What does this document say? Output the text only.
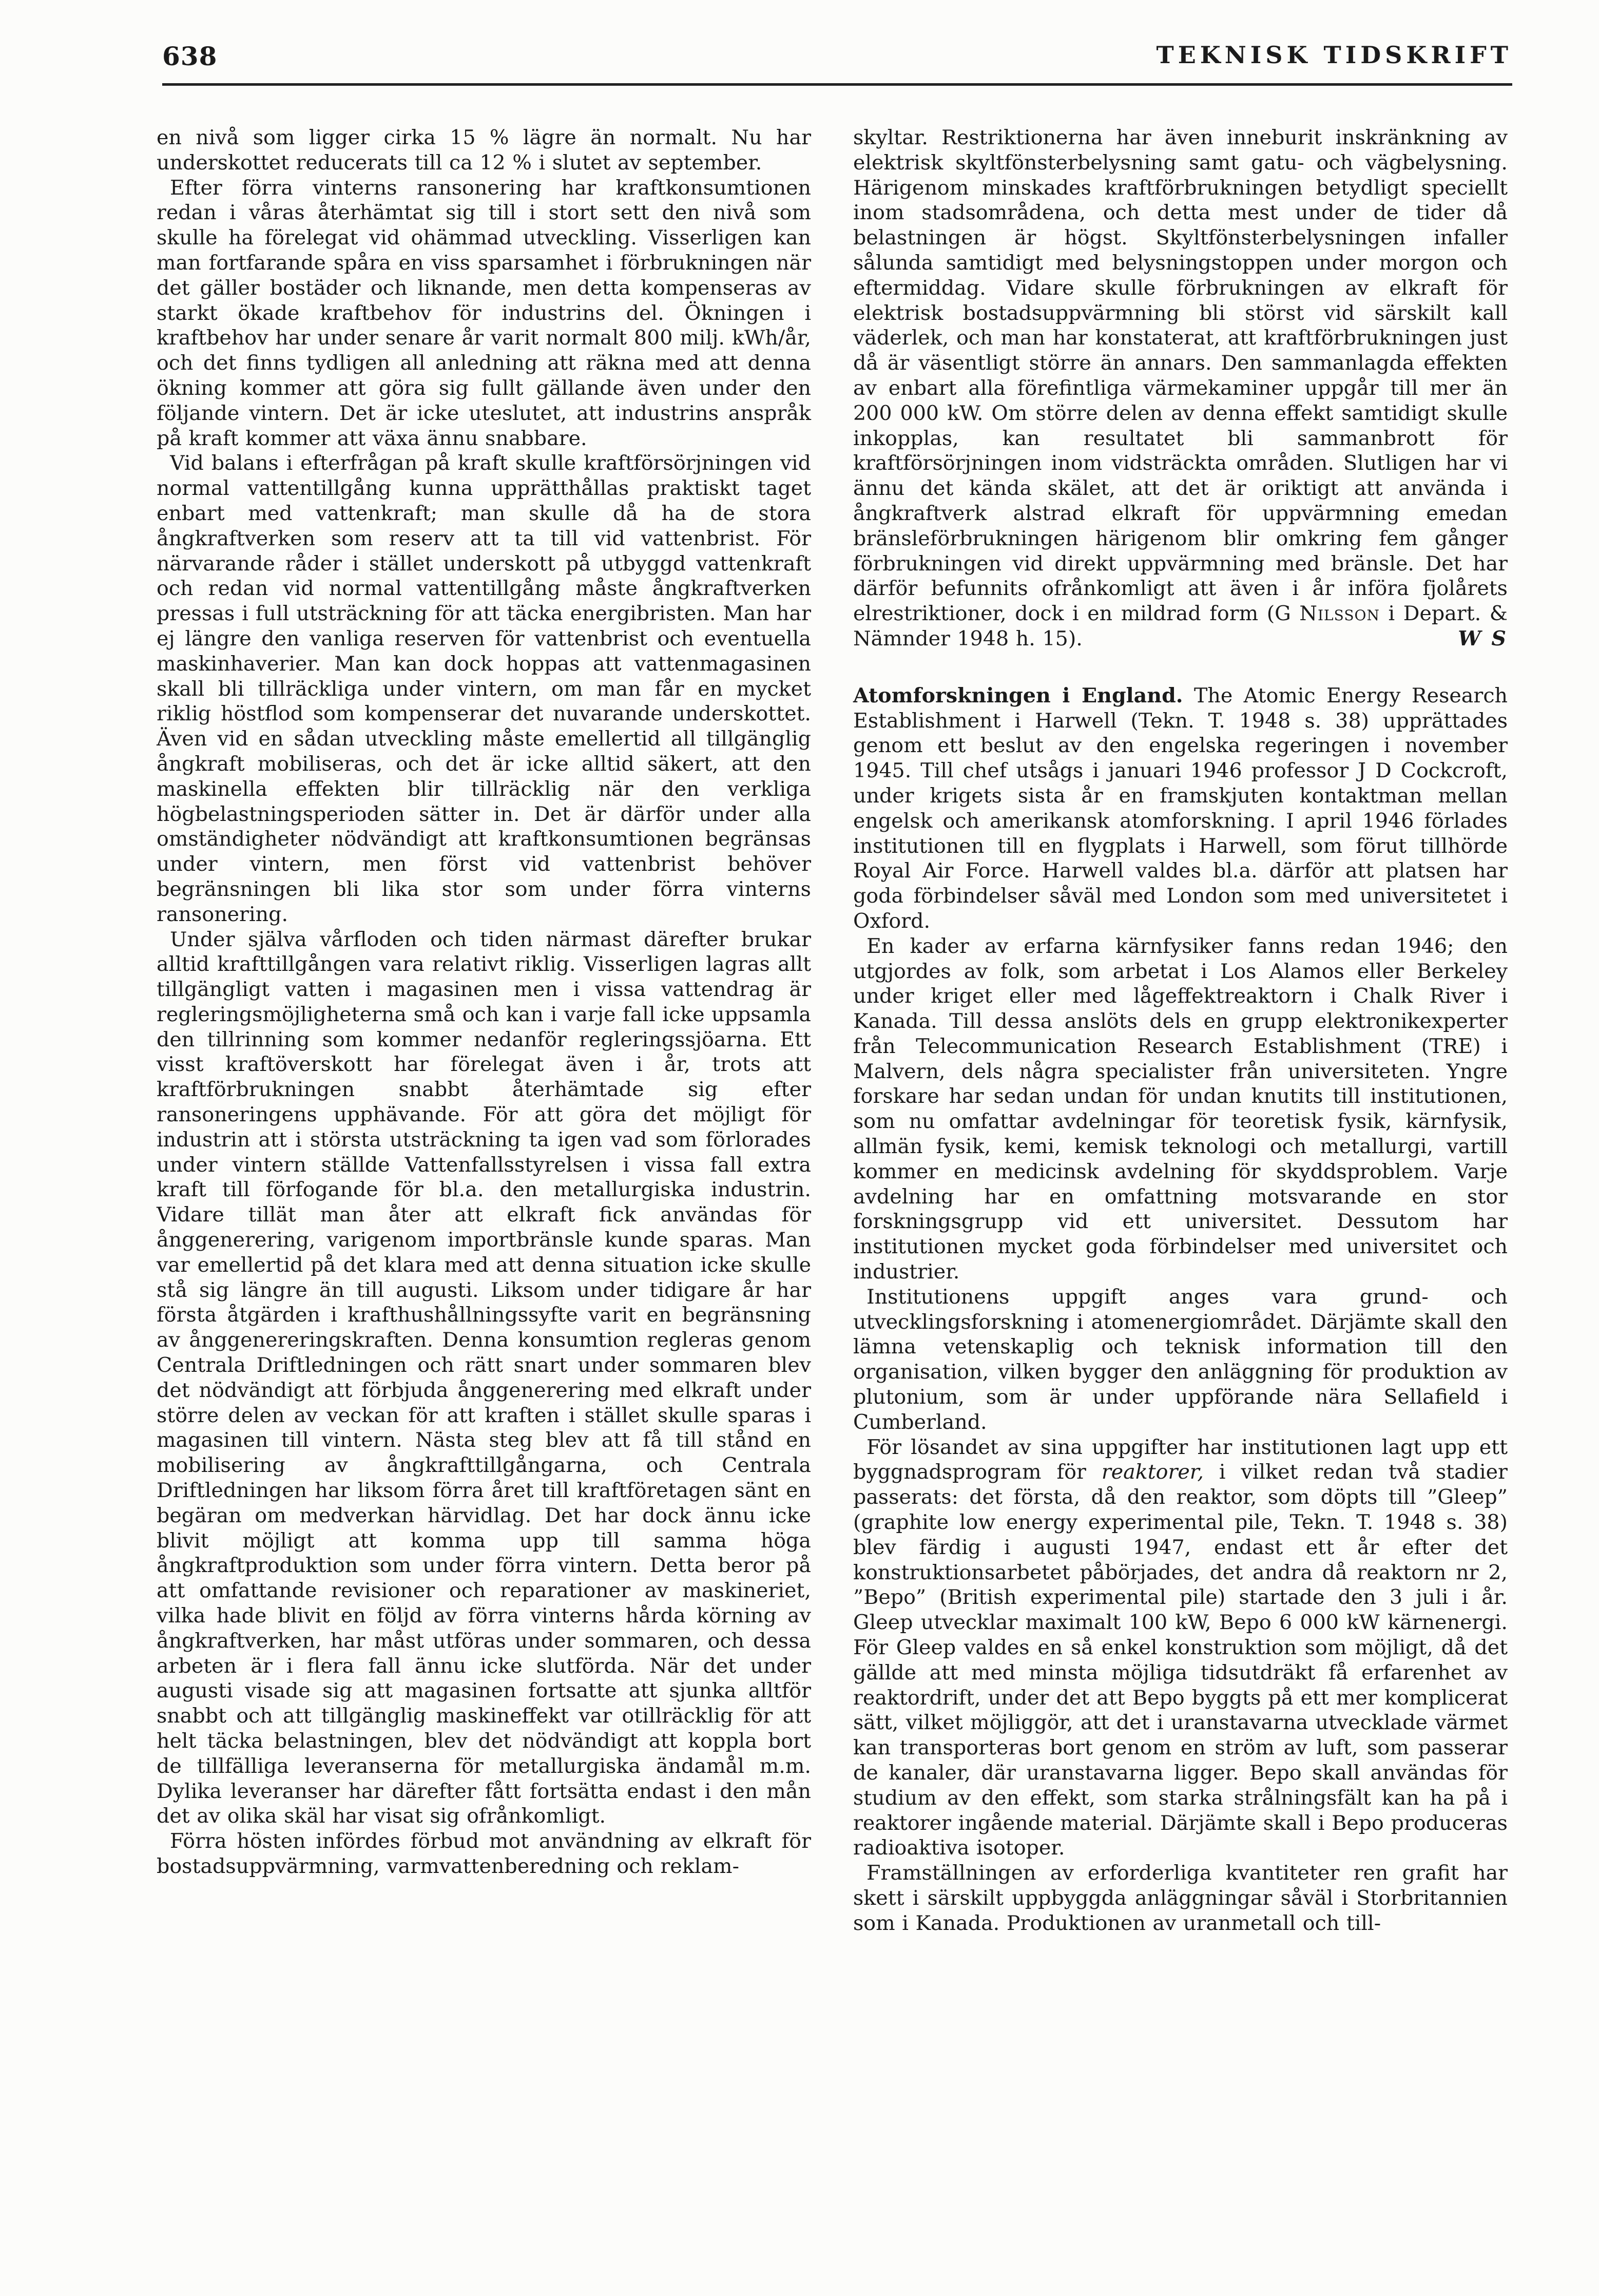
638	TEKNISK TIDSKRIFT

en nivå som ligger cirka 15 % lägre än normalt. Nu har underskottet reducerats till ca 12 % i slutet av september.

Efter förra vinterns ransonering har kraftkonsumtionen redan i våras återhämtat sig till i stort sett den nivå som skulle ha förelegat vid ohämmad utveckling. Visserligen kan man fortfarande spåra en viss sparsamhet i förbrukningen när det gäller bostäder och liknande, men detta kompenseras av starkt ökade kraftbehov för industrins del. Ökningen i kraftbehov har under senare år varit normalt 800 milj. kWh/år, och det finns tydligen all anledning att räkna med att denna ökning kommer att göra sig fullt gällande även under den följande vintern. Det är icke uteslutet, att industrins anspråk på kraft kommer att växa ännu snabbare.

Vid balans i efterfrågan på kraft skulle kraftförsörjningen vid normal vattentillgång kunna upprätthållas praktiskt taget enbart med vattenkraft; man skulle då ha de stora ångkraftverken som reserv att ta till vid vattenbrist. För närvarande råder i stället underskott på utbyggd vattenkraft och redan vid normal vattentillgång måste ångkraftverken pressas i full utsträckning för att täcka energibristen. Man har ej längre den vanliga reserven för vattenbrist och eventuella maskinhaverier. Man kan dock hoppas att vattenmagasinen skall bli tillräckliga under vintern, om man får en mycket riklig höstflod som kompenserar det nuvarande underskottet. Även vid en sådan utveckling måste emellertid all tillgänglig ångkraft mobiliseras, och det är icke alltid säkert, att den maskinella effekten blir tillräcklig när den verkliga högbelastningsperioden sätter in. Det är därför under alla omständigheter nödvändigt att kraftkonsumtionen begränsas under vintern, men först vid vattenbrist behöver begränsningen bli lika stor som under förra vinterns ransonering.

Under själva vårfloden och tiden närmast därefter brukar alltid krafttillgången vara relativt riklig. Visserligen lagras allt tillgängligt vatten i magasinen men i vissa vattendrag är regleringsmöjligheterna små och kan i varje fall icke uppsamla den tillrinning som kommer nedanför regleringssjöarna. Ett visst kraftöverskott har förelegat även i år, trots att kraftförbrukningen snabbt återhämtade sig efter ransoneringens upphävande. För att göra det möjligt för industrin att i största utsträckning ta igen vad som förlorades under vintern ställde Vattenfallsstyrelsen i vissa fall extra kraft till förfogande för bl.a. den metallurgiska industrin. Vidare tillät man åter att elkraft fick användas för ånggenerering, varigenom importbränsle kunde sparas. Man var emellertid på det klara med att denna situation icke skulle stå sig längre än till augusti. Liksom under tidigare år har första åtgärden i krafthushållningssyfte varit en begränsning av ånggenereringskraften. Denna konsumtion regleras genom Centrala Driftledningen och rätt snart under sommaren blev det nödvändigt att förbjuda ånggenerering med elkraft under större delen av veckan för att kraften i stället skulle sparas i magasinen till vintern. Nästa steg blev att få till stånd en mobilisering av ångkrafttillgångarna, och Centrala Driftledningen har liksom förra året till kraftföretagen sänt en begäran om medverkan härvidlag. Det har dock ännu icke blivit möjligt att komma upp till samma höga ångkraftproduktion som under förra vintern. Detta beror på att omfattande revisioner och reparationer av maskineriet, vilka hade blivit en följd av förra vinterns hårda körning av ångkraftverken, har måst utföras under sommaren, och dessa arbeten är i flera fall ännu icke slutförda. När det under augusti visade sig att magasinen fortsatte att sjunka alltför snabbt och att tillgänglig maskineffekt var otillräcklig för att helt täcka belastningen, blev det nödvändigt att koppla bort de tillfälliga leveranserna för metallurgiska ändamål m.m. Dylika leveranser har därefter fått fortsätta endast i den mån det av olika skäl har visat sig ofrånkomligt.

Förra hösten infördes förbud mot användning av elkraft för bostadsuppvärmning, varmvattenberedning och reklam-

skyltar. Restriktionerna har även inneburit inskränkning av elektrisk skyltfönsterbelysning samt gatu- och vägbelysning. Härigenom minskades kraftförbrukningen betydligt speciellt inom stadsområdena, och detta mest under de tider då belastningen är högst. Skyltfönsterbelysningen infaller sålunda samtidigt med belysningstoppen under morgon och eftermiddag. Vidare skulle förbrukningen av elkraft för elektrisk bostadsuppvärmning bli störst vid särskilt kall väderlek, och man har konstaterat, att kraftförbrukningen just då är väsentligt större än annars. Den sammanlagda effekten av enbart alla förefintliga värmekaminer uppgår till mer än 200 000 kW. Om större delen av denna effekt samtidigt skulle inkopplas, kan resultatet bli sammanbrott för kraftförsörjningen inom vidsträckta områden. Slutligen har vi ännu det kända skälet, att det är oriktigt att använda i ångkraftverk alstrad elkraft för uppvärmning emedan bränsleförbrukningen härigenom blir omkring fem gånger förbrukningen vid direkt uppvärmning med bränsle. Det har därför befunnits ofrånkomligt att även i år införa fjolårets elrestriktioner, dock i en mildrad form (G Nilsson i Depart. & Nämnder 1948 h. 15).	W S

Atomforskningen i England. The Atomic Energy Research Establishment i Harwell (Tekn. T. 1948 s. 38) upprättades genom ett beslut av den engelska regeringen i november 1945. Till chef utsågs i januari 1946 professor J D Cockcroft, under krigets sista år en framskjuten kontaktman mellan engelsk och amerikansk atomforskning. I april 1946 förlades institutionen till en flygplats i Harwell, som förut tillhörde Royal Air Force. Harwell valdes bl.a. därför att platsen har goda förbindelser såväl med London som med universitetet i Oxford.

En kader av erfarna kärnfysiker fanns redan 1946; den utgjordes av folk, som arbetat i Los Alamos eller Berkeley under kriget eller med lågeffektreaktorn i Chalk River i Kanada. Till dessa anslöts dels en grupp elektronikexperter från Telecommunication Research Establishment (TRE) i Malvern, dels några specialister från universiteten. Yngre forskare har sedan undan för undan knutits till institutionen, som nu omfattar avdelningar för teoretisk fysik, kärnfysik, allmän fysik, kemi, kemisk teknologi och metallurgi, vartill kommer en medicinsk avdelning för skyddsproblem. Varje avdelning har en omfattning motsvarande en stor forskningsgrupp vid ett universitet. Dessutom har institutionen mycket goda förbindelser med universitet och industrier.

Institutionens uppgift anges vara grund- och utvecklingsforskning i atomenergiområdet. Därjämte skall den lämna vetenskaplig och teknisk information till den organisation, vilken bygger den anläggning för produktion av plutonium, som är under uppförande nära Sellafield i Cumberland.

För lösandet av sina uppgifter har institutionen lagt upp ett byggnadsprogram för reaktorer, i vilket redan två stadier passerats: det första, då den reaktor, som döpts till ”Gleep” (graphite low energy experimental pile, Tekn. T. 1948 s. 38) blev färdig i augusti 1947, endast ett år efter det konstruktionsarbetet påbörjades, det andra då reaktorn nr 2, ”Bepo” (British experimental pile) startade den 3 juli i år. Gleep utvecklar maximalt 100 kW, Bepo 6 000 kW kärnenergi. För Gleep valdes en så enkel konstruktion som möjligt, då det gällde att med minsta möjliga tidsutdräkt få erfarenhet av reaktordrift, under det att Bepo byggts på ett mer komplicerat sätt, vilket möjliggör, att det i uranstavarna utvecklade värmet kan transporteras bort genom en ström av luft, som passerar de kanaler, där uranstavarna ligger. Bepo skall användas för studium av den effekt, som starka strålningsfält kan ha på i reaktorer ingående material. Därjämte skall i Bepo produceras radioaktiva isotoper.

Framställningen av erforderliga kvantiteter ren grafit har skett i särskilt uppbyggda anläggningar såväl i Storbritannien som i Kanada. Produktionen av uranmetall och till-
